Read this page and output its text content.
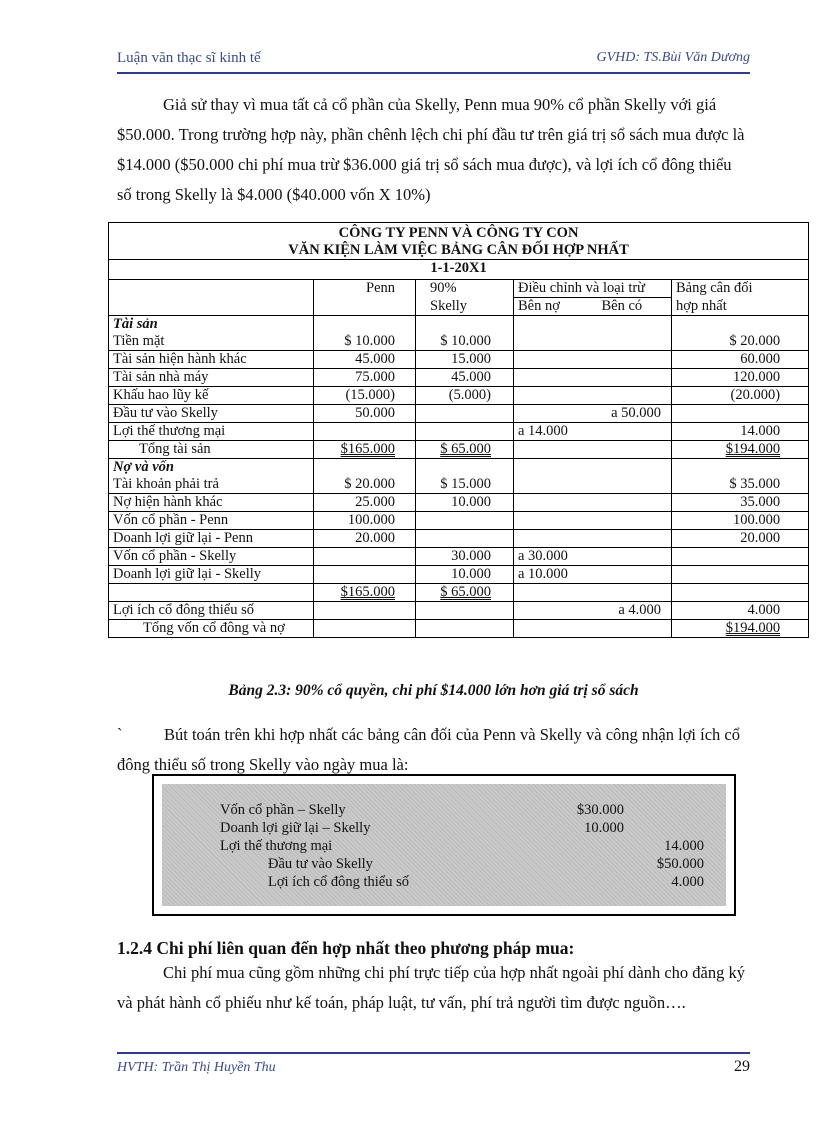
Luận văn thạc sĩ kinh tế	GVHD: TS.Bùi Văn Dương

Giả sử thay vì mua tất cả cổ phần của Skelly, Penn mua 90% cổ phần Skelly với giá $50.000. Trong trường hợp này, phần chênh lệch chi phí đầu tư trên giá trị sổ sách mua được là $14.000 ($50.000 chi phí mua trừ $36.000 giá trị sổ sách mua được), và lợi ích cổ đông thiểu số trong Skelly là $4.000 ($40.000 vốn X 10%)

CÔNG TY PENN VÀ CÔNG TY CON
VĂN KIỆN LÀM VIỆC BẢNG CÂN ĐỐI HỢP NHẤT
1-1-20X1					

	Penn	90%	Điều chỉnh và loại trừ		Bảng cân đối
		Skelly	Bên nợ	Bên có	hợp nhất
Tài sản					
Tiền mặt	$ 10.000	$ 10.000			$ 20.000
Tài sản hiện hành khác	45.000	15.000			60.000
Tài sản nhà máy	75.000	45.000			120.000
Khấu hao lũy kế	(15.000)	(5.000)			(20.000)
Đầu tư vào Skelly	50.000			a 50.000	
Lợi thế thương mại			a 14.000		14.000
Tổng tài sản	$165.000	$ 65.000			$194.000
Nợ và vốn					
Tài khoản phải trả	$ 20.000	$ 15.000			$ 35.000
Nợ hiện hành khác	25.000	10.000			35.000
Vốn cổ phần - Penn	100.000				100.000
Doanh lợi giữ lại - Penn	20.000				20.000
Vốn cổ phần - Skelly		30.000	a 30.000		
Doanh lợi giữ lại - Skelly		10.000	a 10.000		
	$165.000	$ 65.000			
Lợi ích cổ đông thiểu số				a 4.000	4.000
Tổng vốn cổ đông và nợ					$194.000
Bảng 2.3: 90% cổ quyền, chi phí $14.000 lớn hơn giá trị sổ sách

`	Bút toán trên khi hợp nhất các bảng cân đối của Penn và Skelly và công nhận lợi ích cổ đông thiểu số trong Skelly vào ngày mua là:

Vốn cổ phần – Skelly	$30.000
Doanh lợi giữ lại – Skelly	10.000
Lợi thế thương mại	14.000
Đầu tư vào Skelly	$50.000
Lợi ích cổ đông thiểu số	4.000
1.2.4 Chi phí liên quan đến hợp nhất theo phương pháp mua:

Chi phí mua cũng gồm những chi phí trực tiếp của hợp nhất ngoài phí dành cho đăng ký và phát hành cổ phiếu như kế toán, pháp luật, tư vấn, phí trả người tìm được nguồn….

HVTH: Trần Thị Huyền Thu	29
